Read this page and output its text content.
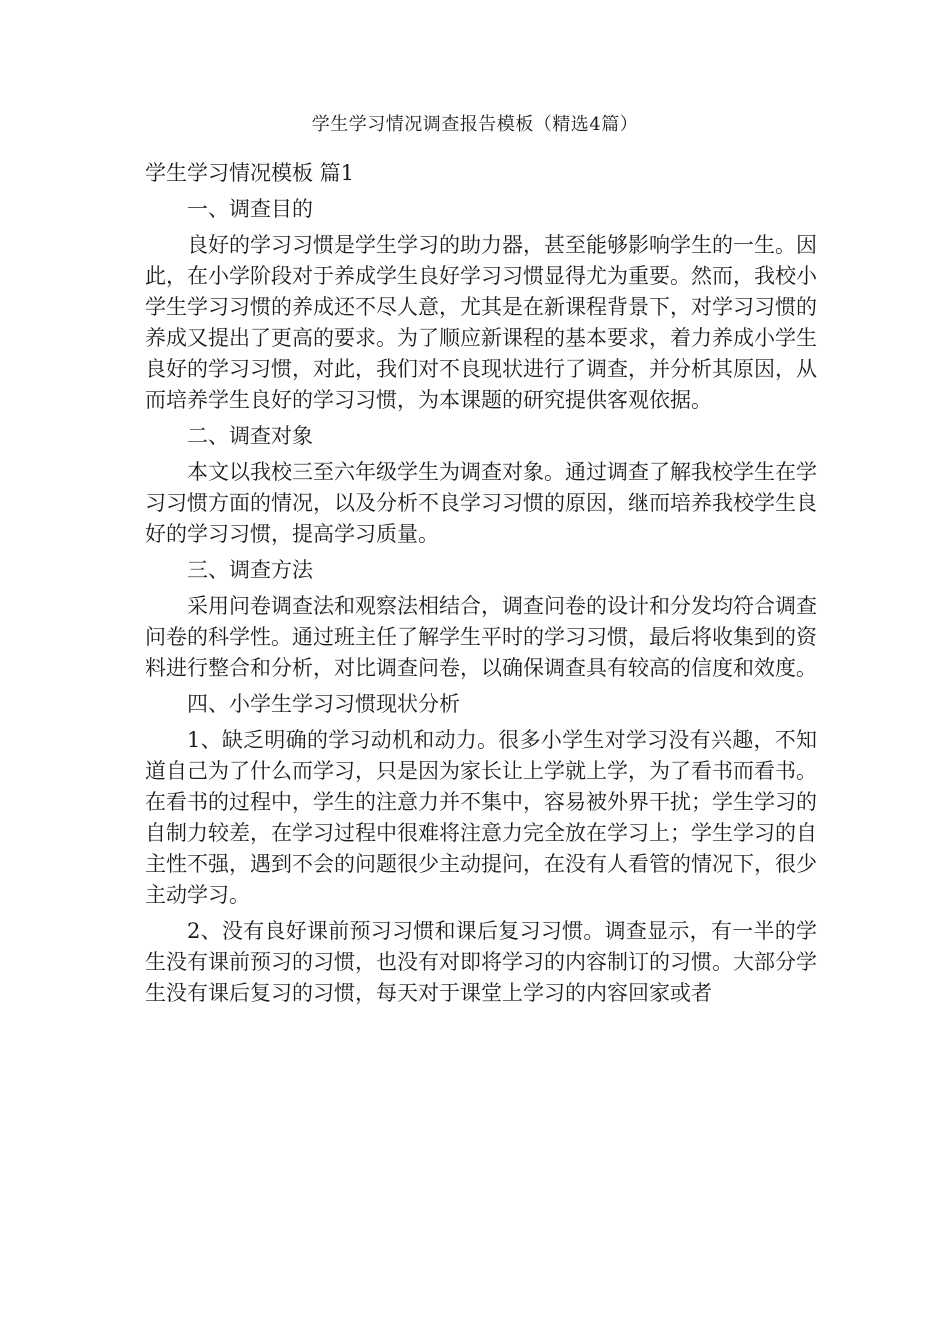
学生学习情况调查报告模板（精选4篇）

学生学习情况模板 篇1

一、调查目的

良好的学习习惯是学生学习的助力器，甚至能够影响学生的一生。因此，在小学阶段对于养成学生良好学习习惯显得尤为重要。然而，我校小学生学习习惯的养成还不尽人意，尤其是在新课程背景下，对学习习惯的养成又提出了更高的要求。为了顺应新课程的基本要求，着力养成小学生良好的学习习惯，对此，我们对不良现状进行了调查，并分析其原因，从而培养学生良好的学习习惯，为本课题的研究提供客观依据。

二、调查对象

本文以我校三至六年级学生为调查对象。通过调查了解我校学生在学习习惯方面的情况，以及分析不良学习习惯的原因，继而培养我校学生良好的学习习惯，提高学习质量。

三、调查方法

采用问卷调查法和观察法相结合，调查问卷的设计和分发均符合调查问卷的科学性。通过班主任了解学生平时的学习习惯，最后将收集到的资料进行整合和分析，对比调查问卷，以确保调查具有较高的信度和效度。

四、小学生学习习惯现状分析

1、缺乏明确的学习动机和动力。很多小学生对学习没有兴趣，不知道自己为了什么而学习，只是因为家长让上学就上学，为了看书而看书。在看书的过程中，学生的注意力并不集中，容易被外界干扰；学生学习的自制力较差，在学习过程中很难将注意力完全放在学习上；学生学习的自主性不强，遇到不会的问题很少主动提问，在没有人看管的情况下，很少主动学习。

2、没有良好课前预习习惯和课后复习习惯。调查显示，有一半的学生没有课前预习的习惯，也没有对即将学习的内容制订的习惯。大部分学生没有课后复习的习惯，每天对于课堂上学习的内容回家或者
